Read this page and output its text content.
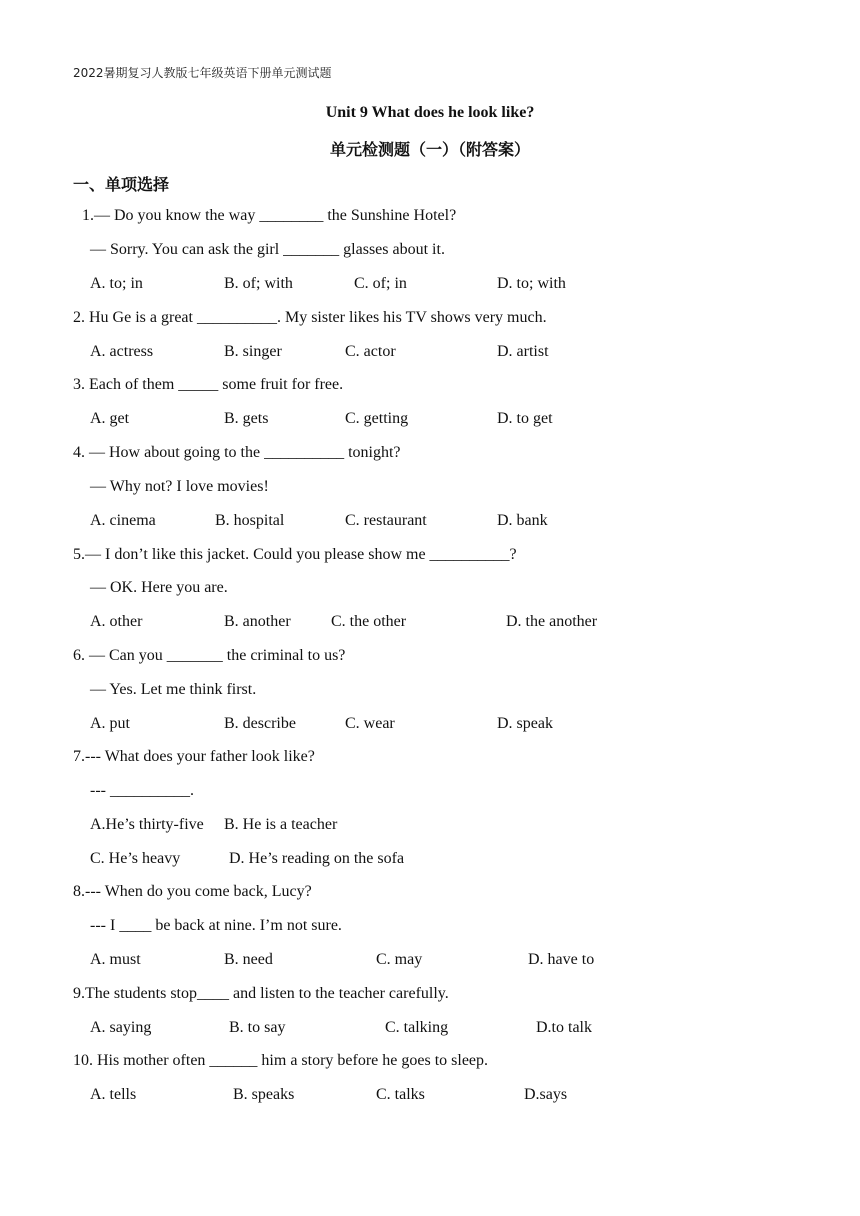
2022暑期复习人教版七年级英语下册单元测试题
Unit 9 What does he look like?
单元检测题（一）（附答案）
一、单项选择
1.— Do you know the way ________ the Sunshine Hotel?
— Sorry. You can ask the girl _______ glasses about it.
A. to; in	B. of; with	C. of; in	D. to; with
2. Hu Ge is a great __________. My sister likes his TV shows very much.
A. actress	B. singer	C. actor	D. artist
3. Each of them _____ some fruit for free.
A. get	B. gets	C. getting	D. to get
4. — How about going to the __________ tonight?
— Why not? I love movies!
A. cinema	B. hospital	C. restaurant	D. bank
5.— I don’t like this jacket. Could you please show me __________?
— OK. Here you are.
A. other	B. another	C. the other	D. the another
6. — Can you _______ the criminal to us?
— Yes. Let me think first.
A. put	B. describe	C. wear	D. speak
7.--- What does your father look like?
--- __________.
A.He’s thirty-five B. He is a teacher
C. He’s heavy	D. He’s reading on the sofa
8.--- When do you come back, Lucy?
--- I ____ be back at nine. I’m not sure.
A. must	B. need	C. may	D. have to
9.The students stop____ and listen to the teacher carefully.
A. saying	B. to say	C. talking	D.to talk
10. His mother often ______ him a story before he goes to sleep.
A. tells	B. speaks	C. talks	D.says
